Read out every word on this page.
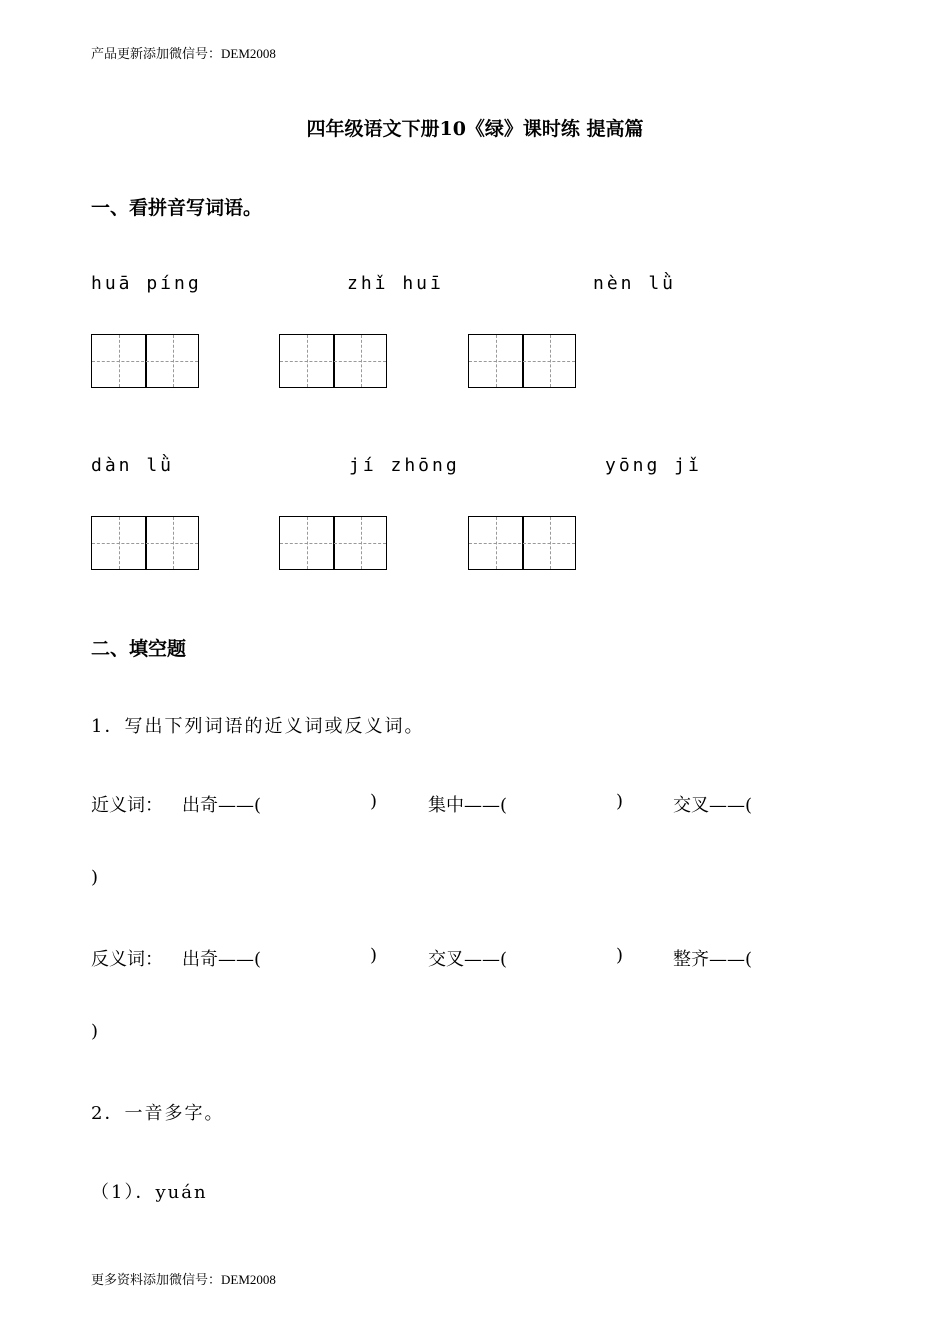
产品更新添加微信号：DEM2008
四年级语文下册10《绿》课时练 提高篇
一、看拼音写词语。
huā píng	zhǐ huī	nèn lǜ
dàn lǜ	jí zhōng	yōng jǐ
二、填空题
1．写出下列词语的近义词或反义词。
近义词： 出奇——(	)	集中——(	)	交叉——(
)
反义词： 出奇——(	)	交叉——(	)	整齐——(
)
2．一音多字。
（1）．yuán
更多资料添加微信号：DEM2008
